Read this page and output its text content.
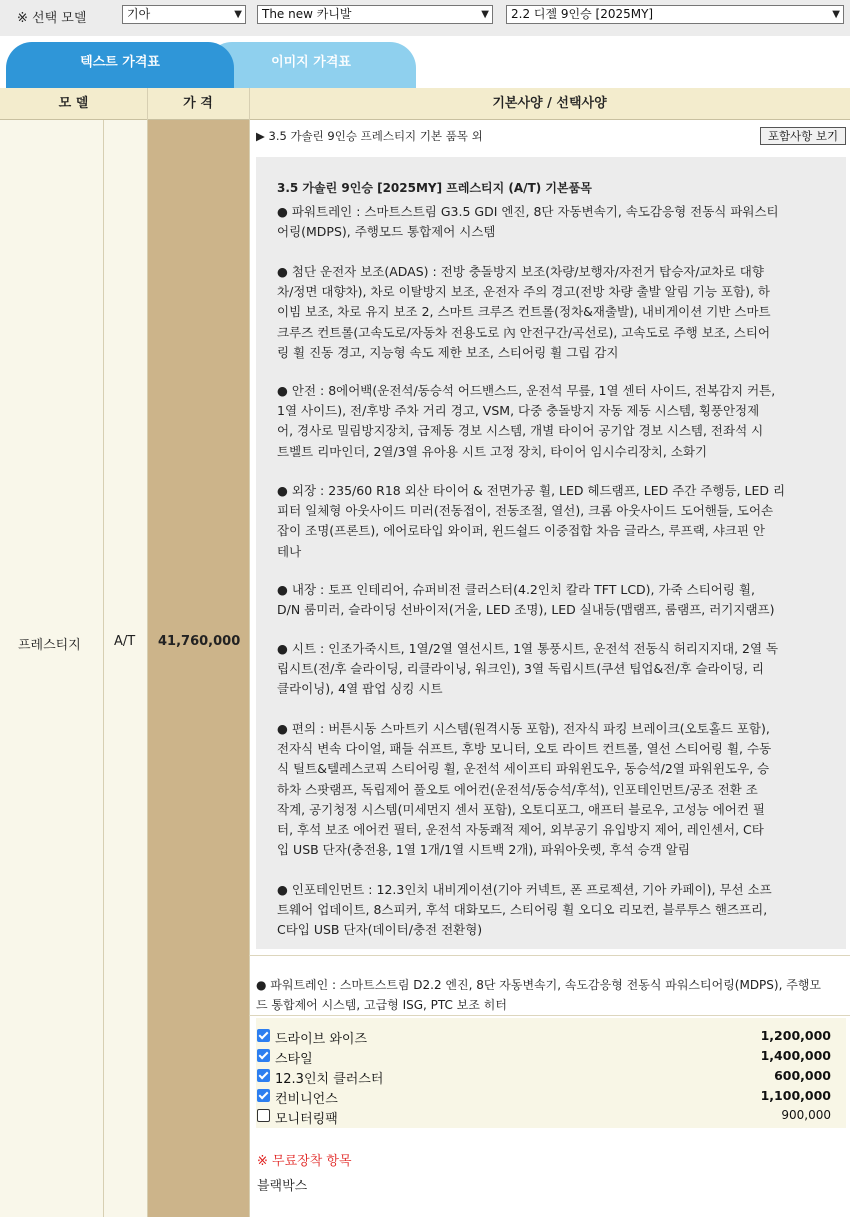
※ 선택 모델	기아	▼	The new 카니발	▼	2.2 디젤 9인승 [2025MY]	▼
텍스트 가격표	이미지 가격표
모 델	가 격	기본사양 / 선택사양
프레스티지	A/T 41,760,000
▶ 3.5 가솔린 9인승 프레스티지 기본 품목 외	포함사항 보기
3.5 가솔린 9인승 [2025MY] 프레스티지 (A/T) 기본품목
● 파워트레인 : 스마트스트림 G3.5 GDI 엔진, 8단 자동변속기, 속도감응형 전동식 파워스티
어링(MDPS), 주행모드 통합제어 시스템
● 첨단 운전자 보조(ADAS) : 전방 충돌방지 보조(차량/보행자/자전거 탑승자/교차로 대향
차/정면 대향차), 차로 이탈방지 보조, 운전자 주의 경고(전방 차량 출발 알림 기능 포함), 하
이빔 보조, 차로 유지 보조 2, 스마트 크루즈 컨트롤(정차&재출발), 내비게이션 기반 스마트
크루즈 컨트롤(고속도로/자동차 전용도로 內 안전구간/곡선로), 고속도로 주행 보조, 스티어
링 휠 진동 경고, 지능형 속도 제한 보조, 스티어링 휠 그립 감지
● 안전 : 8에어백(운전석/동승석 어드밴스드, 운전석 무릎, 1열 센터 사이드, 전복감지 커튼,
1열 사이드), 전/후방 주차 거리 경고, VSM, 다중 충돌방지 자동 제동 시스템, 횡풍안정제
어, 경사로 밀림방지장치, 급제동 경보 시스템, 개별 타이어 공기압 경보 시스템, 전좌석 시
트벨트 리마인더, 2열/3열 유아용 시트 고정 장치, 타이어 임시수리장치, 소화기
● 외장 : 235/60 R18 외산 타이어 & 전면가공 휠, LED 헤드램프, LED 주간 주행등, LED 리
피터 일체형 아웃사이드 미러(전동접이, 전동조절, 열선), 크롬 아웃사이드 도어핸들, 도어손
잡이 조명(프론트), 에어로타입 와이퍼, 윈드쉴드 이중접합 차음 글라스, 루프랙, 샤크핀 안
테나
● 내장 : 토프 인테리어, 슈퍼비전 클러스터(4.2인치 칼라 TFT LCD), 가죽 스티어링 휠,
D/N 룸미러, 슬라이딩 선바이저(거울, LED 조명), LED 실내등(맵램프, 룸램프, 러기지램프)
● 시트 : 인조가죽시트, 1열/2열 열선시트, 1열 통풍시트, 운전석 전동식 허리지지대, 2열 독
립시트(전/후 슬라이딩, 리클라이닝, 워크인), 3열 독립시트(쿠션 팁업&전/후 슬라이딩, 리
클라이닝), 4열 팝업 싱킹 시트
● 편의 : 버튼시동 스마트키 시스템(원격시동 포함), 전자식 파킹 브레이크(오토홀드 포함),
전자식 변속 다이얼, 패들 쉬프트, 후방 모니터, 오토 라이트 컨트롤, 열선 스티어링 휠, 수동
식 틸트&텔레스코픽 스티어링 휠, 운전석 세이프티 파워윈도우, 동승석/2열 파워윈도우, 승
하차 스팟램프, 독립제어 풀오토 에어컨(운전석/동승석/후석), 인포테인먼트/공조 전환 조
작계, 공기청정 시스템(미세먼지 센서 포함), 오토디포그, 애프터 블로우, 고성능 에어컨 필
터, 후석 보조 에어컨 필터, 운전석 자동쾌적 제어, 외부공기 유입방지 제어, 레인센서, C타
입 USB 단자(충전용, 1열 1개/1열 시트백 2개), 파워아웃렛, 후석 승객 알림
● 인포테인먼트 : 12.3인치 내비게이션(기아 커넥트, 폰 프로젝션, 기아 카페이), 무선 소프
트웨어 업데이트, 8스피커, 후석 대화모드, 스티어링 휠 오디오 리모컨, 블루투스 핸즈프리,
C타입 USB 단자(데이터/충전 전환형)
● 파워트레인 : 스마트스트림 D2.2 엔진, 8단 자동변속기, 속도감응형 전동식 파워스티어링(MDPS), 주행모
드 통합제어 시스템, 고급형 ISG, PTC 보조 히터
드라이브 와이즈	1,200,000
스타일	1,400,000
12.3인치 클러스터	600,000
컨비니언스	1,100,000
모니터링팩	900,000
※ 무료장착 항목
블랙박스
